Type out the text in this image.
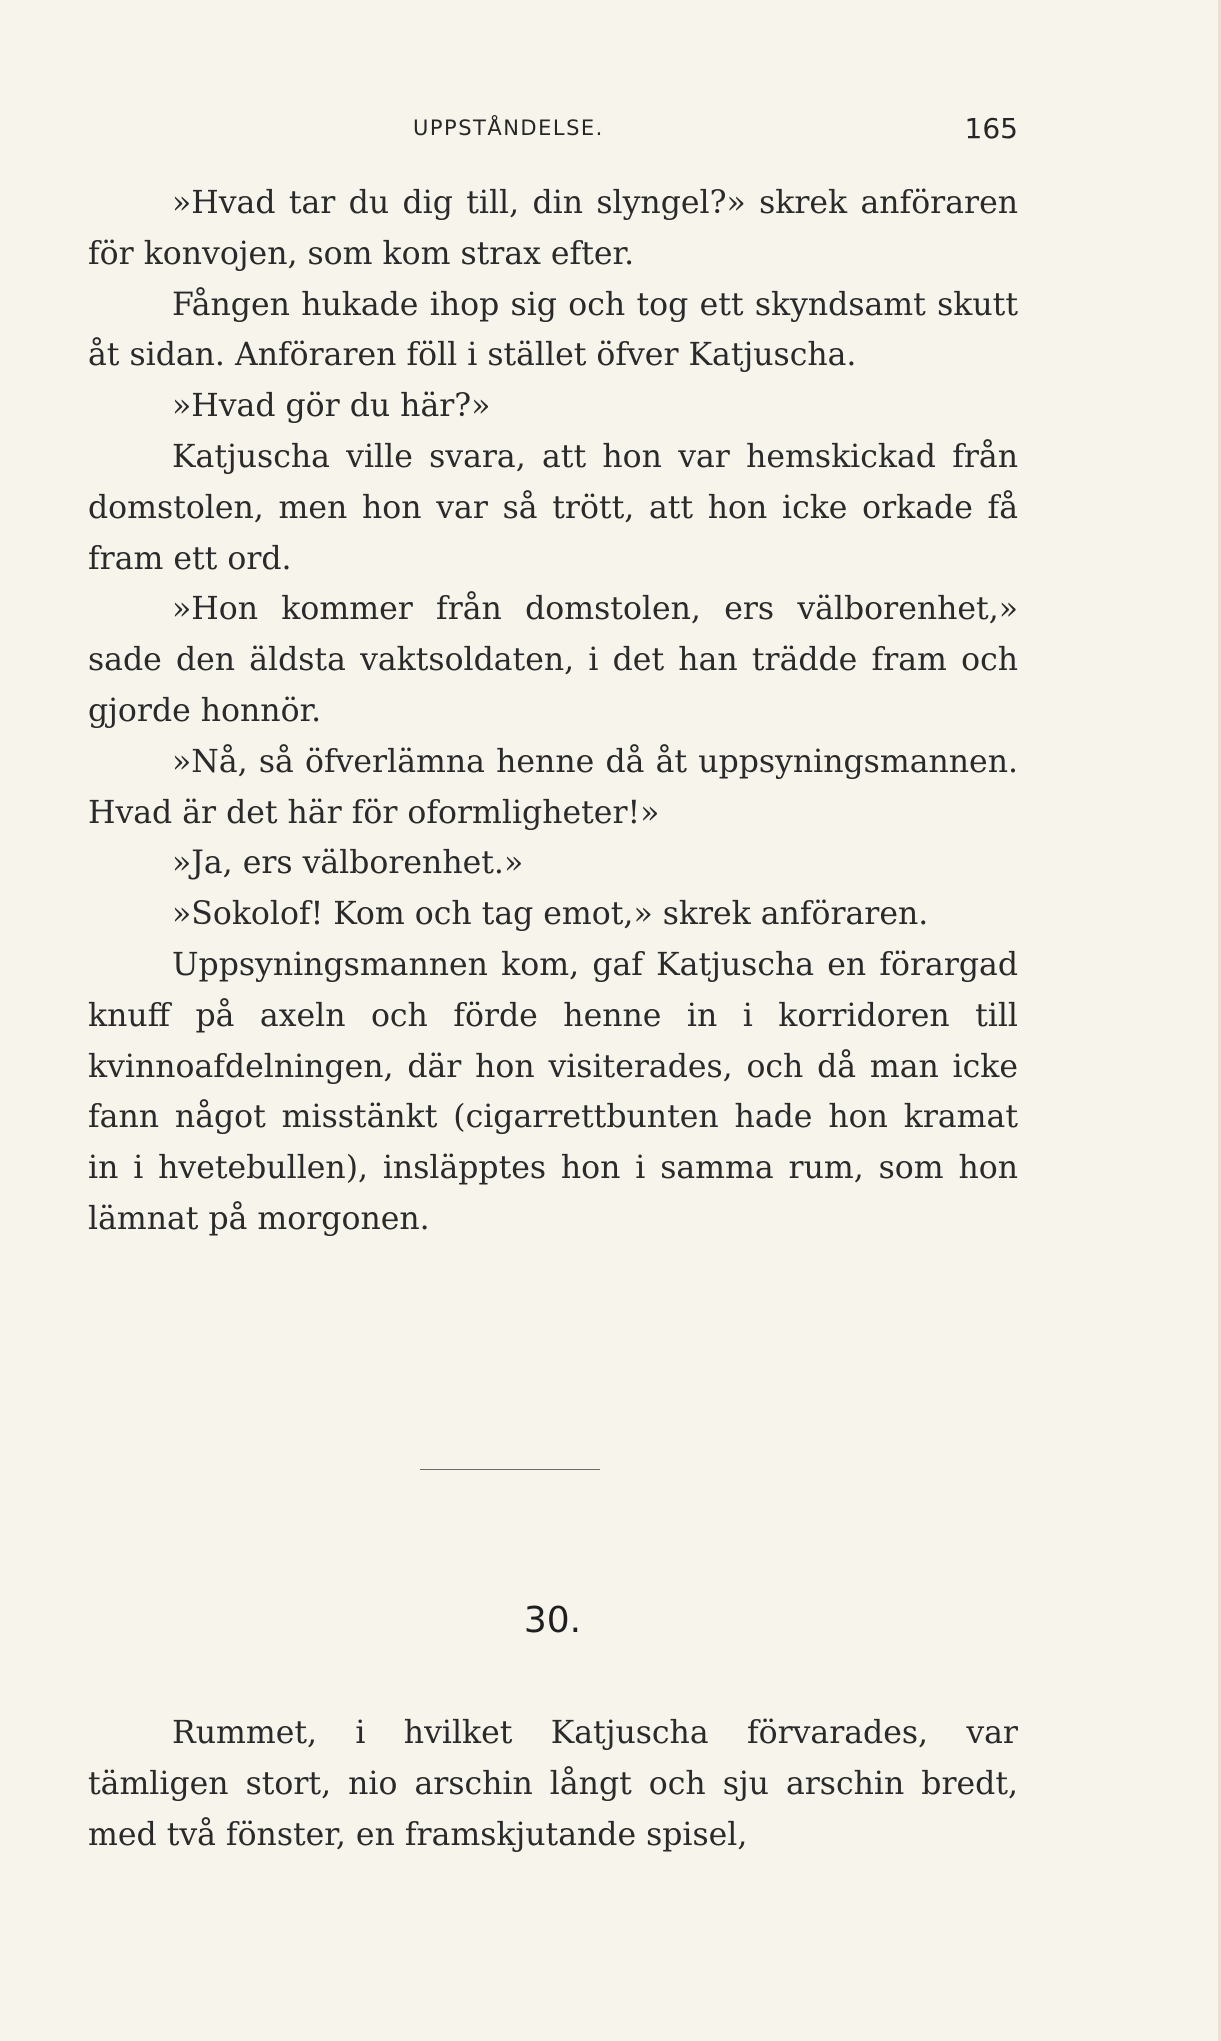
UPPSTÅNDELSE.	165

»Hvad tar du dig till, din slyngel?» skrek anföraren för konvojen, som kom strax efter.

Fången hukade ihop sig och tog ett skyndsamt skutt åt sidan. Anföraren föll i stället öfver Katjuscha.

»Hvad gör du här?»

Katjuscha ville svara, att hon var hemskickad från domstolen, men hon var så trött, att hon icke orkade få fram ett ord.

»Hon kommer från domstolen, ers välborenhet,» sade den äldsta vaktsoldaten, i det han trädde fram och gjorde honnör.

»Nå, så öfverlämna henne då åt uppsyningsmannen. Hvad är det här för oformligheter!»

»Ja, ers välborenhet.»

»Sokolof! Kom och tag emot,» skrek anföraren.

Uppsyningsmannen kom, gaf Katjuscha en förargad knuff på axeln och förde henne in i korridoren till kvinnoafdelningen, där hon visiterades, och då man icke fann något misstänkt (cigarrettbunten hade hon kramat in i hvetebullen), insläpptes hon i samma rum, som hon lämnat på morgonen.

30.

Rummet, i hvilket Katjuscha förvarades, var tämligen stort, nio arschin långt och sju arschin bredt, med två fönster, en framskjutande spisel,
